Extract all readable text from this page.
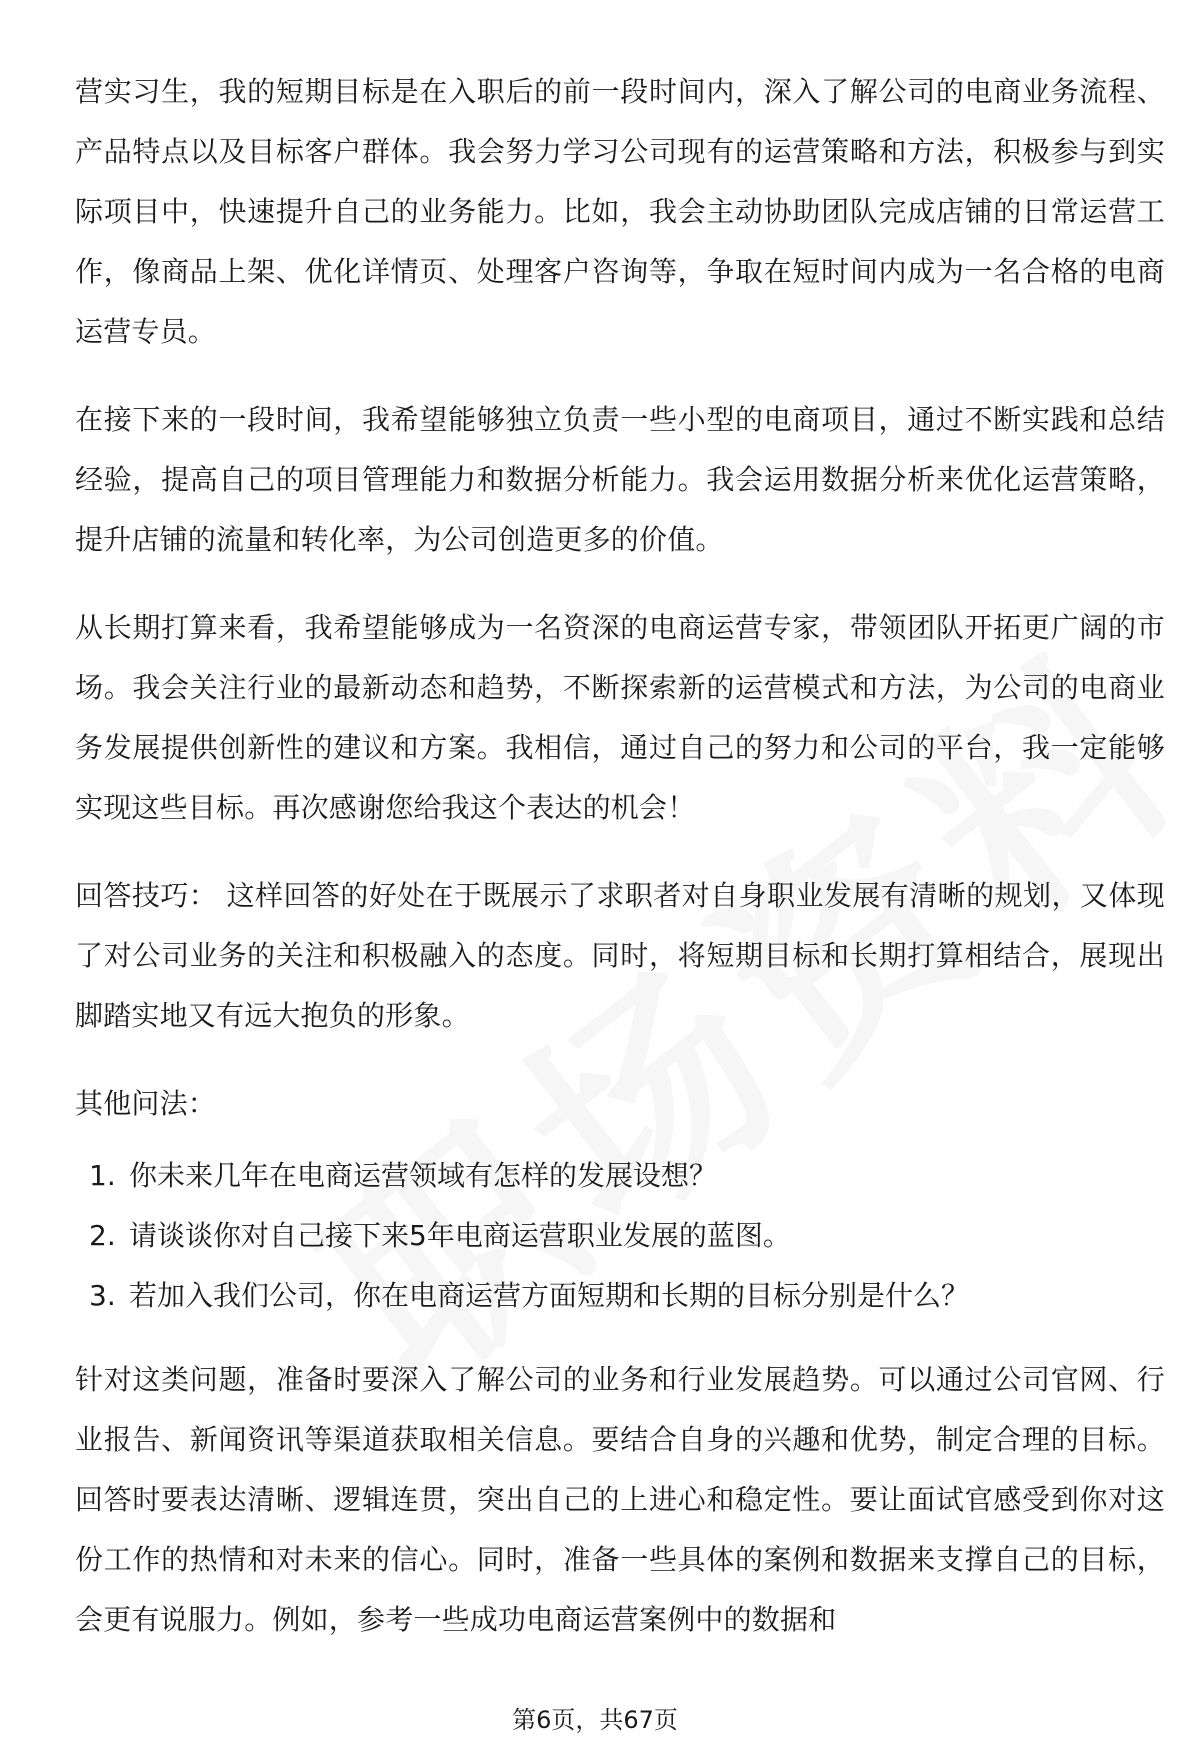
营实习生，我的短期目标是在入职后的前一段时间内，深入了解公司的电商业务流程、产品特点以及目标客户群体。我会努力学习公司现有的运营策略和方法，积极参与到实际项目中，快速提升自己的业务能力。比如，我会主动协助团队完成店铺的日常运营工作，像商品上架、优化详情页、处理客户咨询等，争取在短时间内成为一名合格的电商运营专员。

在接下来的一段时间，我希望能够独立负责一些小型的电商项目，通过不断实践和总结经验，提高自己的项目管理能力和数据分析能力。我会运用数据分析来优化运营策略，提升店铺的流量和转化率，为公司创造更多的价值。

从长期打算来看，我希望能够成为一名资深的电商运营专家，带领团队开拓更广阔的市场。我会关注行业的最新动态和趋势，不断探索新的运营模式和方法，为公司的电商业务发展提供创新性的建议和方案。我相信，通过自己的努力和公司的平台，我一定能够实现这些目标。再次感谢您给我这个表达的机会！

回答技巧： 这样回答的好处在于既展示了求职者对自身职业发展有清晰的规划，又体现了对公司业务的关注和积极融入的态度。同时，将短期目标和长期打算相结合，展现出脚踏实地又有远大抱负的形象。

其他问法：

1. 你未来几年在电商运营领域有怎样的发展设想？
2. 请谈谈你对自己接下来5年电商运营职业发展的蓝图。
3. 若加入我们公司，你在电商运营方面短期和长期的目标分别是什么？

针对这类问题，准备时要深入了解公司的业务和行业发展趋势。可以通过公司官网、行业报告、新闻资讯等渠道获取相关信息。要结合自身的兴趣和优势，制定合理的目标。回答时要表达清晰、逻辑连贯，突出自己的上进心和稳定性。要让面试官感受到你对这份工作的热情和对未来的信心。同时，准备一些具体的案例和数据来支撑自己的目标，会更有说服力。例如，参考一些成功电商运营案例中的数据和

第6页，共67页
